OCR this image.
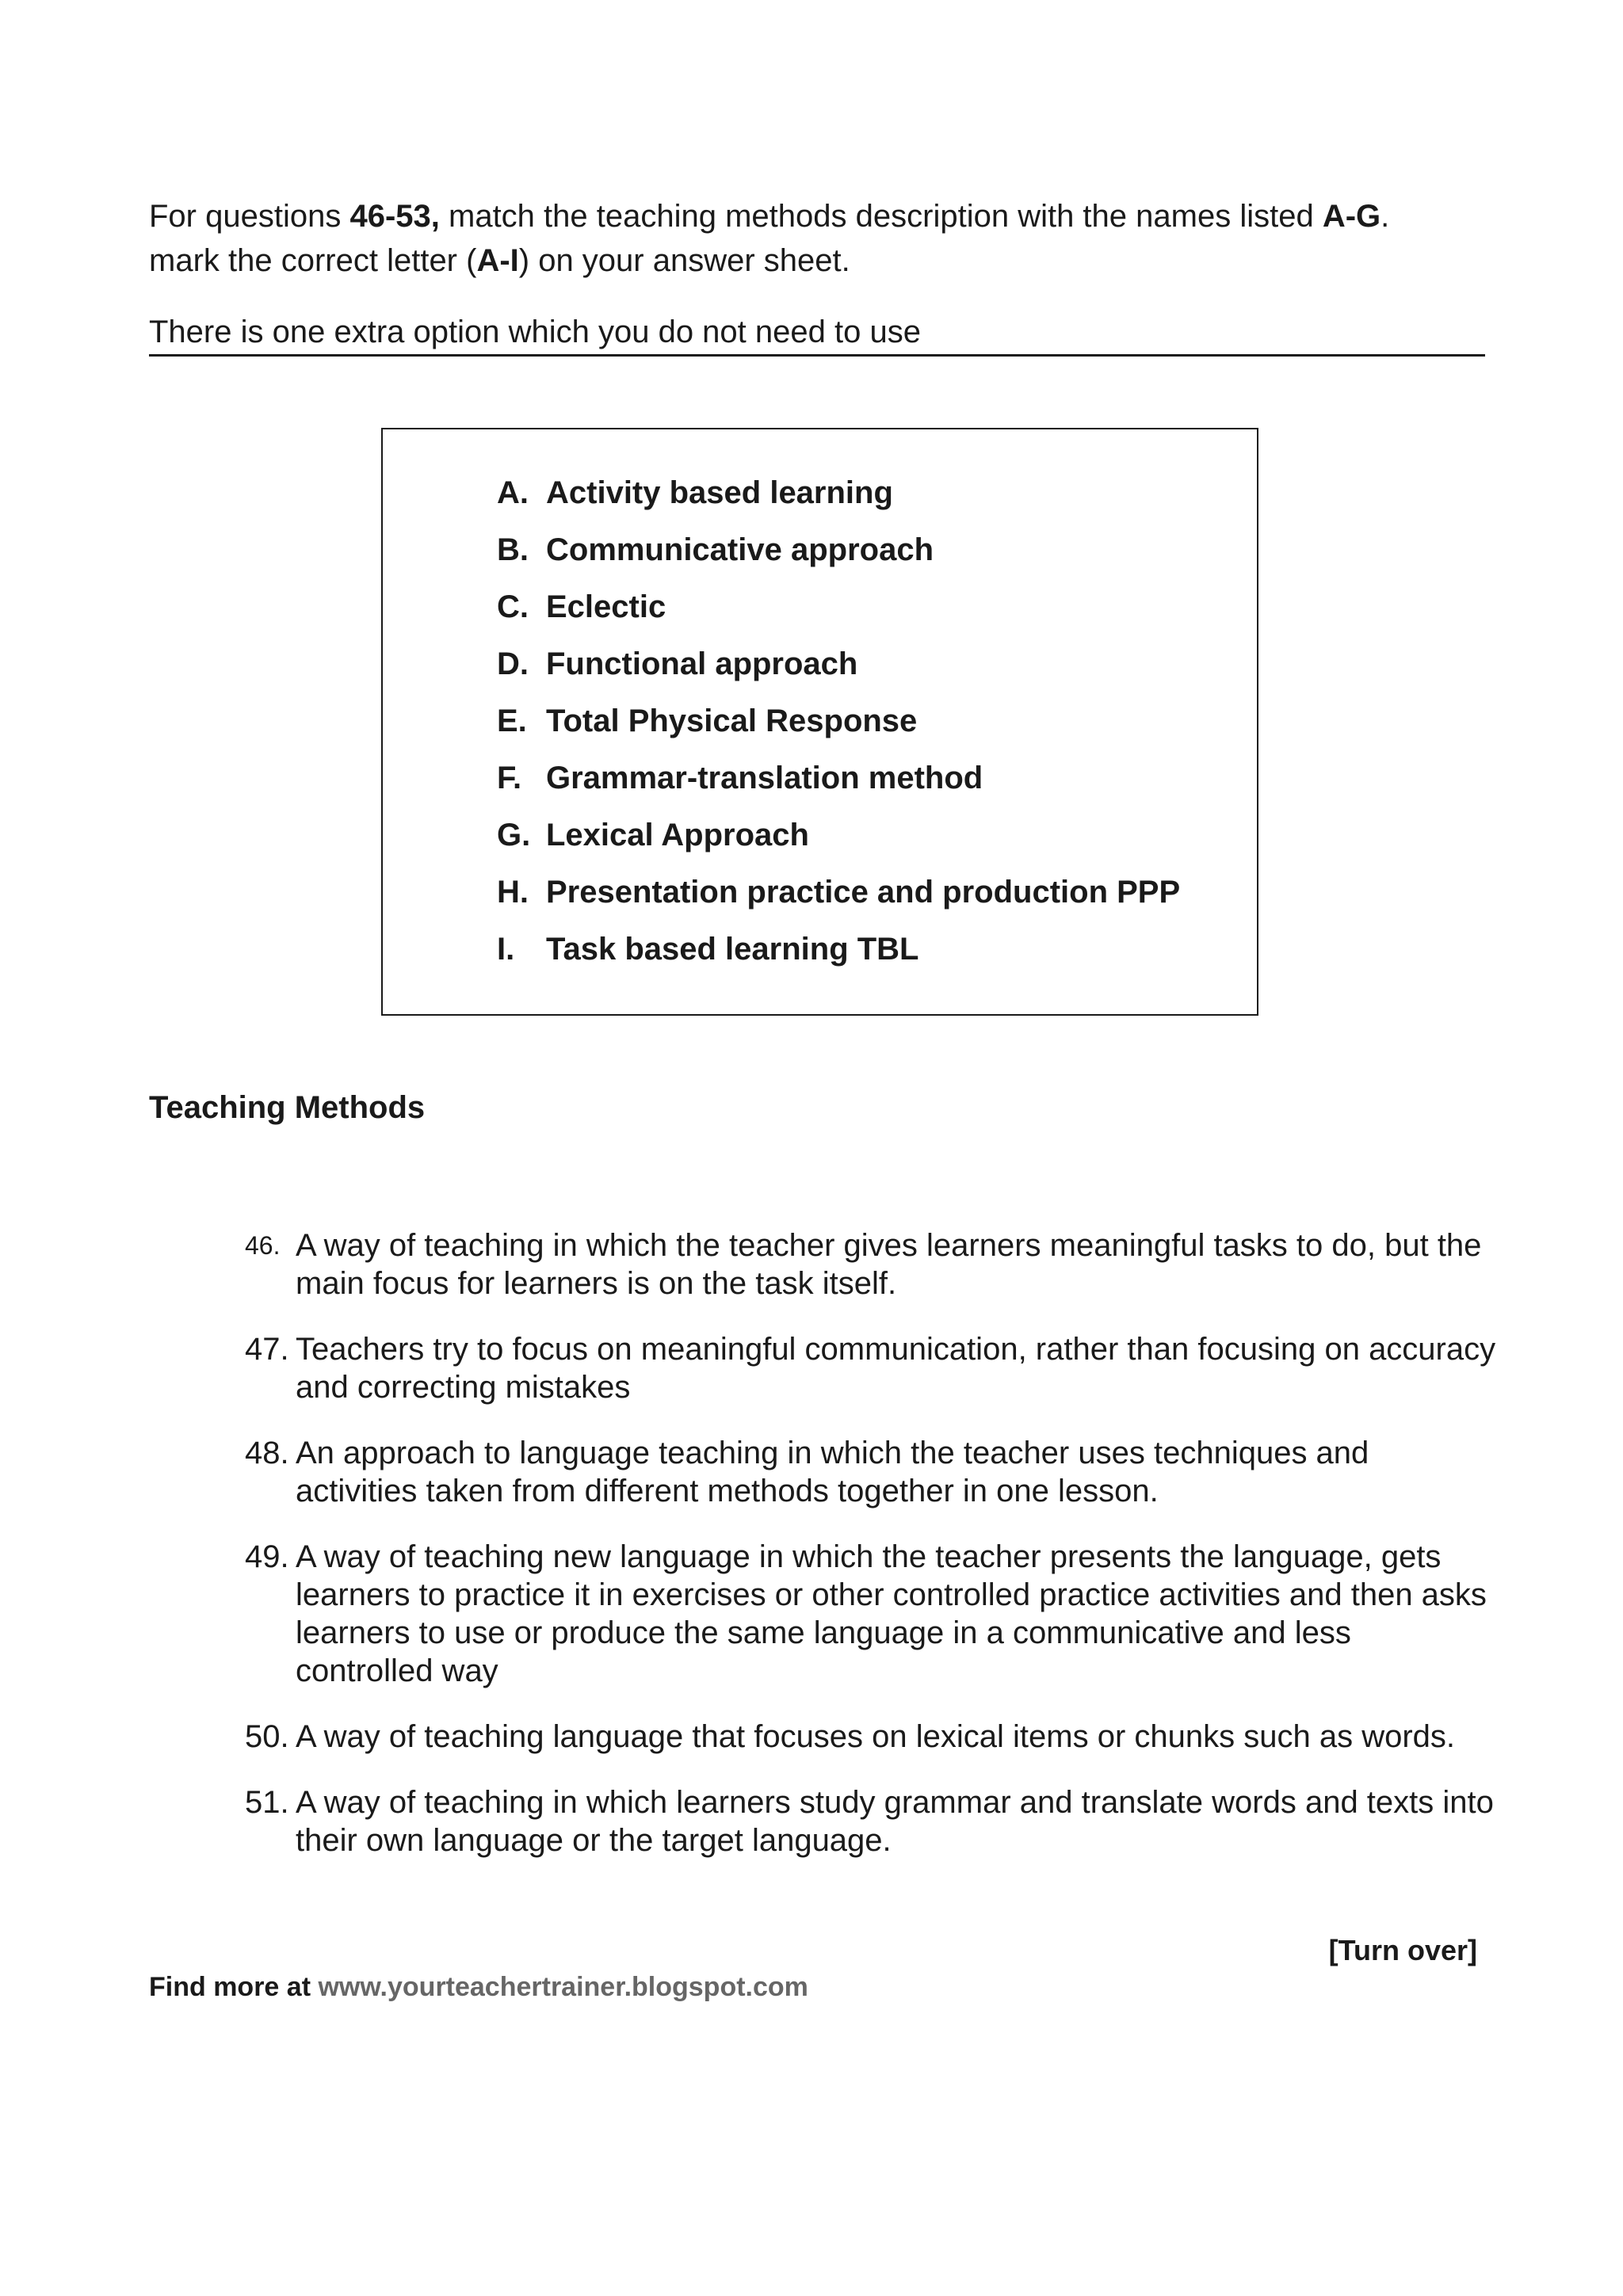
For questions 46-53, match the teaching methods description with the names listed A-G.
mark the correct letter (A-I) on your answer sheet.
There is one extra option which you do not need to use
A. Activity based learning
B. Communicative approach
C. Eclectic
D. Functional approach
E. Total Physical Response
F. Grammar-translation method
G. Lexical Approach
H. Presentation practice and production PPP
I. Task based learning TBL
Teaching Methods
46. A way of teaching in which the teacher gives learners meaningful tasks to do, but the main focus for learners is on the task itself.
47. Teachers try to focus on meaningful communication, rather than focusing on accuracy and correcting mistakes
48. An approach to language teaching in which the teacher uses techniques and activities taken from different methods together in one lesson.
49. A way of teaching new language in which the teacher presents the language, gets learners to practice it in exercises or other controlled practice activities and then asks learners to use or produce the same language in a communicative and less controlled way
50. A way of teaching language that focuses on lexical items or chunks such as words.
51. A way of teaching in which learners study grammar and translate words and texts into their own language or the target language.
[Turn over]
Find more at www.yourteachertrainer.blogspot.com
